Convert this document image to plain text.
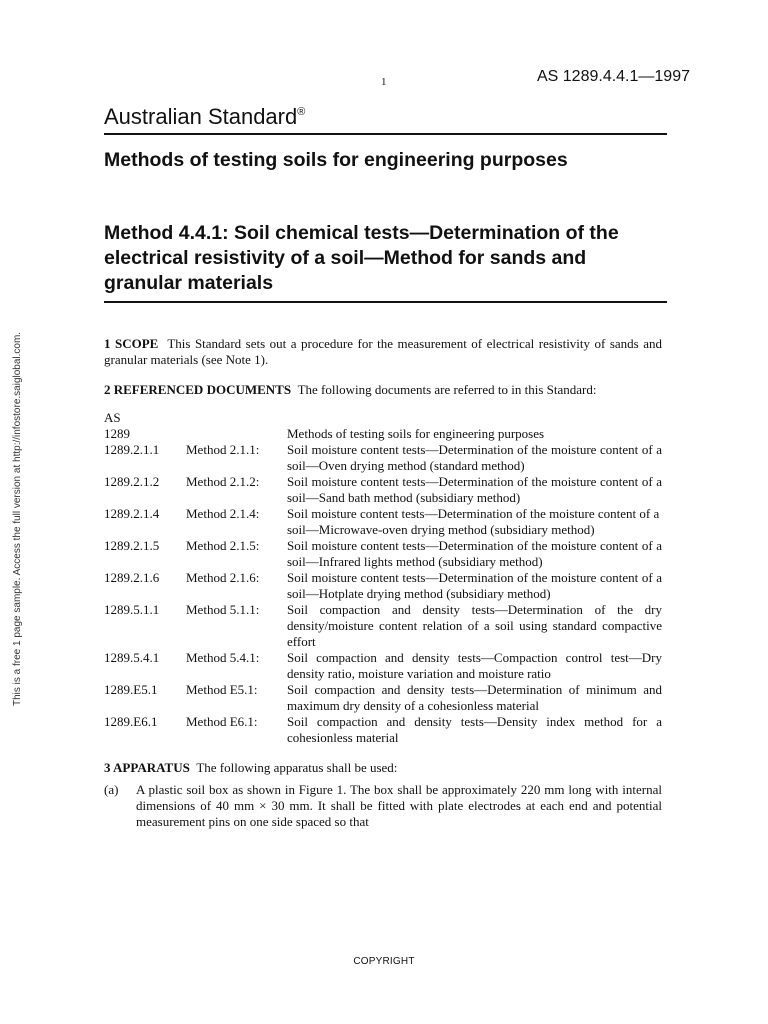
1	AS 1289.4.4.1—1997
Australian Standard®
Methods of testing soils for engineering purposes
Method 4.4.1: Soil chemical tests—Determination of the electrical resistivity of a soil—Method for sands and granular materials
This is a free 1 page sample. Access the full version at http://infostore.saiglobal.com.	1 SCOPE This Standard sets out a procedure for the measurement of electrical resistivity of sands and granular materials (see Note 1).

2 REFERENCED DOCUMENTS The following documents are referred to in this Standard:

AS
1289	Methods of testing soils for engineering purposes
1289.2.1.1	Method 2.1.1:	Soil moisture content tests—Determination of the moisture content of a soil—Oven drying method (standard method)
1289.2.1.2	Method 2.1.2:	Soil moisture content tests—Determination of the moisture content of a soil—Sand bath method (subsidiary method)
1289.2.1.4	Method 2.1.4:	Soil moisture content tests—Determination of the moisture content of a soil—Microwave-oven drying method (subsidiary method)
1289.2.1.5	Method 2.1.5:	Soil moisture content tests—Determination of the moisture content of a soil—Infrared lights method (subsidiary method)
1289.2.1.6	Method 2.1.6:	Soil moisture content tests—Determination of the moisture content of a soil—Hotplate drying method (subsidiary method)
1289.5.1.1	Method 5.1.1:	Soil compaction and density tests—Determination of the dry density/moisture content relation of a soil using standard compactive effort
1289.5.4.1	Method 5.4.1:	Soil compaction and density tests—Compaction control test—Dry density ratio, moisture variation and moisture ratio
1289.E5.1	Method E5.1:	Soil compaction and density tests—Determination of minimum and maximum dry density of a cohesionless material
1289.E6.1	Method E6.1:	Soil compaction and density tests—Density index method for a cohesionless material

3 APPARATUS The following apparatus shall be used:

(a)	A plastic soil box as shown in Figure 1. The box shall be approximately 220 mm long with internal dimensions of 40 mm × 30 mm. It shall be fitted with plate electrodes at each end and potential measurement pins on one side spaced so that
COPYRIGHT
